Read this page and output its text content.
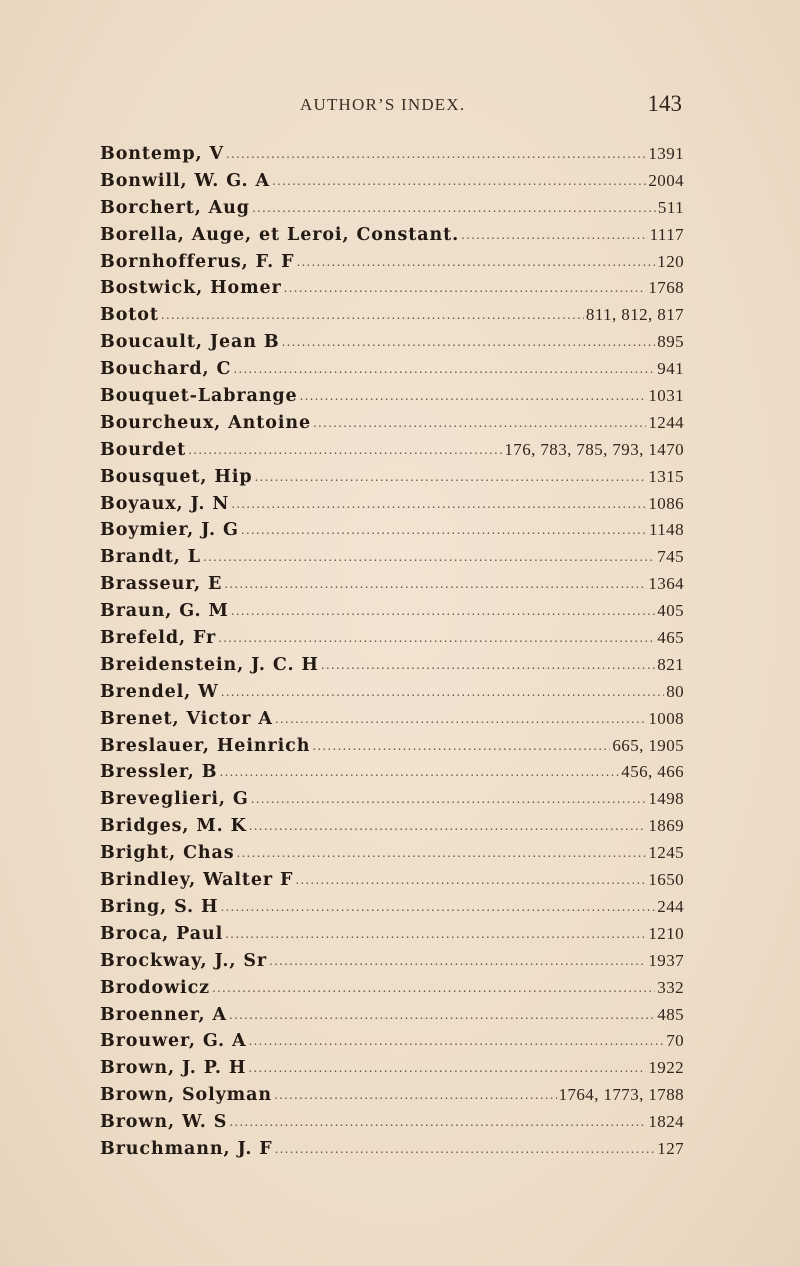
AUTHOR’S INDEX.	143
Bontemp, V .....	1391
Bonwill, W. G. A .....	2004
Borchert, Aug .....	511
Borella, Auge, et Leroi, Constant. .....	1117
Bornhofferus, F. F .....	120
Bostwick, Homer .....	1768
Botot .....	811, 812, 817
Boucault, Jean B .....	895
Bouchard, C .....	941
Bouquet-Labrange .....	1031
Bourcheux, Antoine .....	1244
Bourdet .....	176, 783, 785, 793, 1470
Bousquet, Hip .....	1315
Boyaux, J. N .....	1086
Boymier, J. G .....	1148
Brandt, L .....	745
Brasseur, E .....	1364
Braun, G. M .....	405
Brefeld, Fr .....	465
Breidenstein, J. C. H .....	821
Brendel, W .....	80
Brenet, Victor A .....	1008
Breslauer, Heinrich .....	665, 1905
Bressler, B .....	456, 466
Breveglieri, G .....	1498
Bridges, M. K .....	1869
Bright, Chas .....	1245
Brindley, Walter F .....	1650
Bring, S. H .....	244
Broca, Paul .....	1210
Brockway, J., Sr .....	1937
Brodowicz .....	332
Broenner, A .....	485
Brouwer, G. A .....	70
Brown, J. P. H .....	1922
Brown, Solyman .....	1764, 1773, 1788
Brown, W. S .....	1824
Bruchmann, J. F .....	127
